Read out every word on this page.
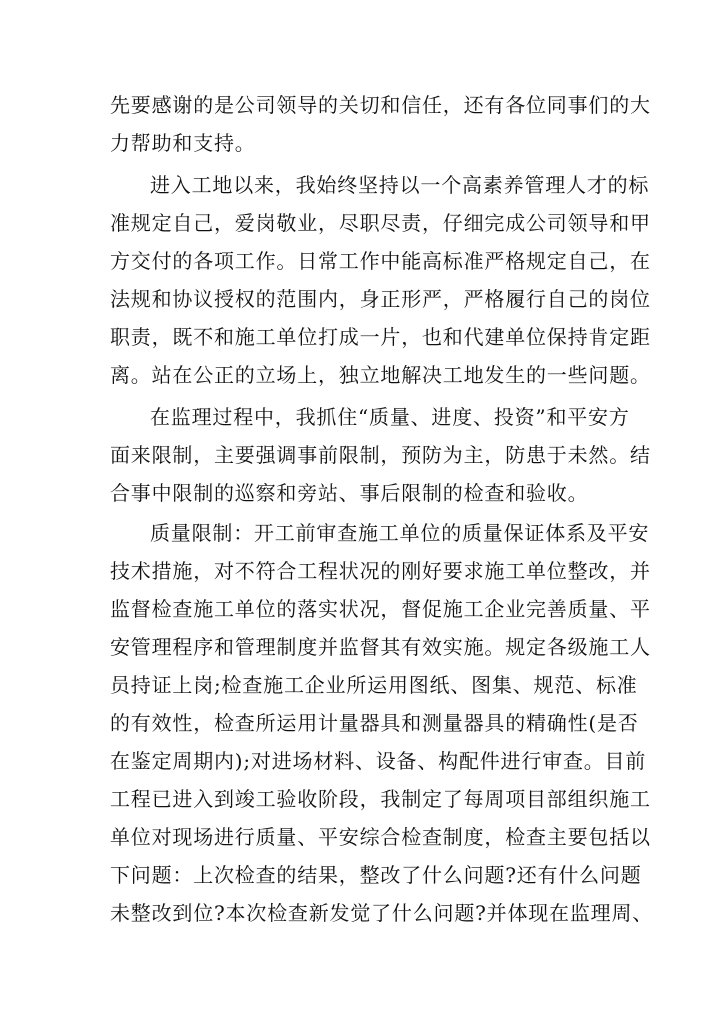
先要感谢的是公司领导的关切和信任，还有各位同事们的大
力帮助和支持。
进入工地以来，我始终坚持以一个高素养管理人才的标
准规定自己，爱岗敬业，尽职尽责，仔细完成公司领导和甲
方交付的各项工作。日常工作中能高标准严格规定自己，在
法规和协议授权的范围内，身正形严，严格履行自己的岗位
职责，既不和施工单位打成一片，也和代建单位保持肯定距
离。站在公正的立场上，独立地解决工地发生的一些问题。
在监理过程中，我抓住“质量、进度、投资”和平安方
面来限制，主要强调事前限制，预防为主，防患于未然。结
合事中限制的巡察和旁站、事后限制的检查和验收。
质量限制：开工前审查施工单位的质量保证体系及平安
技术措施，对不符合工程状况的刚好要求施工单位整改，并
监督检查施工单位的落实状况，督促施工企业完善质量、平
安管理程序和管理制度并监督其有效实施。规定各级施工人
员持证上岗;检查施工企业所运用图纸、图集、规范、标准
的有效性，检查所运用计量器具和测量器具的精确性(是否
在鉴定周期内);对进场材料、设备、构配件进行审查。目前
工程已进入到竣工验收阶段，我制定了每周项目部组织施工
单位对现场进行质量、平安综合检查制度，检查主要包括以
下问题：上次检查的结果，整改了什么问题?还有什么问题
未整改到位?本次检查新发觉了什么问题?并体现在监理周、
